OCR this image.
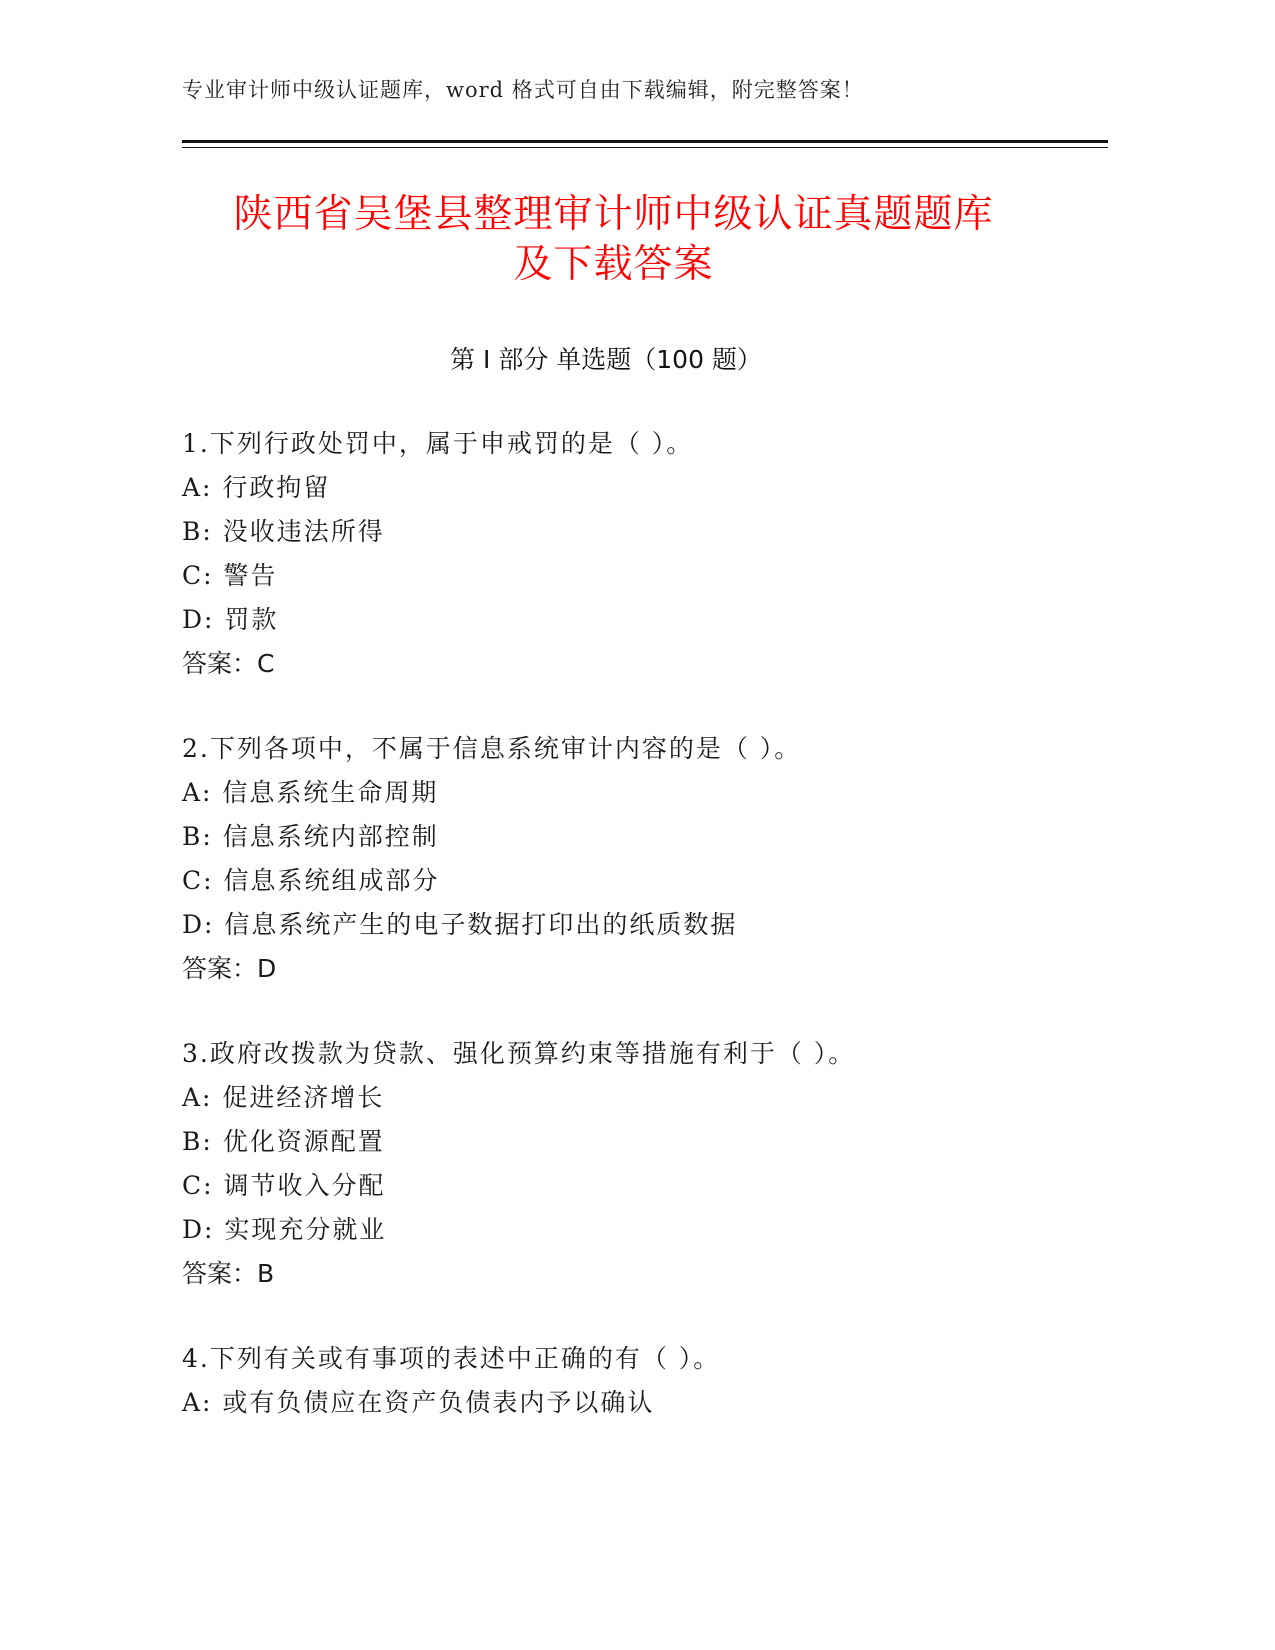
专业审计师中级认证题库，word 格式可自由下载编辑，附完整答案！
陕西省吴堡县整理审计师中级认证真题题库
及下载答案
第 I 部分 单选题（100 题）
1.下列行政处罚中，属于申戒罚的是（ ）。
A: 行政拘留
B: 没收违法所得
C: 警告
D: 罚款
答案：C
2.下列各项中，不属于信息系统审计内容的是（ ）。
A: 信息系统生命周期
B: 信息系统内部控制
C: 信息系统组成部分
D: 信息系统产生的电子数据打印出的纸质数据
答案：D
3.政府改拨款为贷款、强化预算约束等措施有利于（ ）。
A: 促进经济增长
B: 优化资源配置
C: 调节收入分配
D: 实现充分就业
答案：B
4.下列有关或有事项的表述中正确的有（ ）。
A: 或有负债应在资产负债表内予以确认
